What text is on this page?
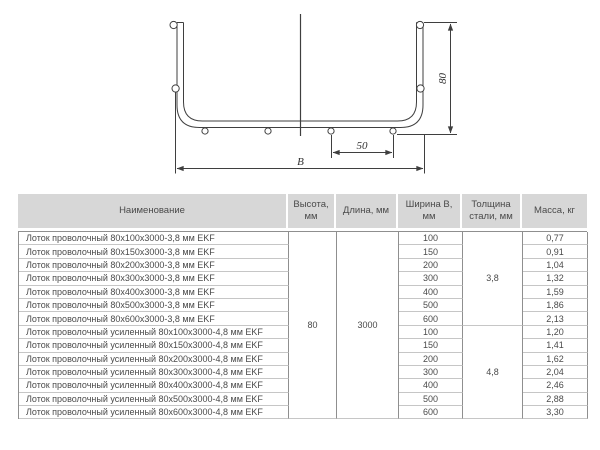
80
50
B
Наименование
Высота, мм
Длина, мм
Ширина В, мм
Толщина стали, мм
Масса, кг
Лоток проволочный 80x100x3000-3,8 мм EKF
Лоток проволочный 80x150x3000-3,8 мм EKF
Лоток проволочный 80x200x3000-3,8 мм EKF
Лоток проволочный 80x300x3000-3,8 мм EKF
Лоток проволочный 80x400x3000-3,8 мм EKF
Лоток проволочный 80x500x3000-3,8 мм EKF
Лоток проволочный 80x600x3000-3,8 мм EKF
Лоток проволочный усиленный 80x100x3000-4,8 мм EKF
Лоток проволочный усиленный 80x150x3000-4,8 мм EKF
Лоток проволочный усиленный 80x200x3000-4,8 мм EKF
Лоток проволочный усиленный 80x300x3000-4,8 мм EKF
Лоток проволочный усиленный 80x400x3000-4,8 мм EKF
Лоток проволочный усиленный 80x500x3000-4,8 мм EKF
Лоток проволочный усиленный 80x600x3000-4,8 мм EKF
80	3000
100
150
200
300
400
500
600
100
150
200
300
400
500
600
3,8
4,8
0,77
0,91
1,04
1,32
1,59
1,86
2,13
1,20
1,41
1,62
2,04
2,46
2,88
3,30
